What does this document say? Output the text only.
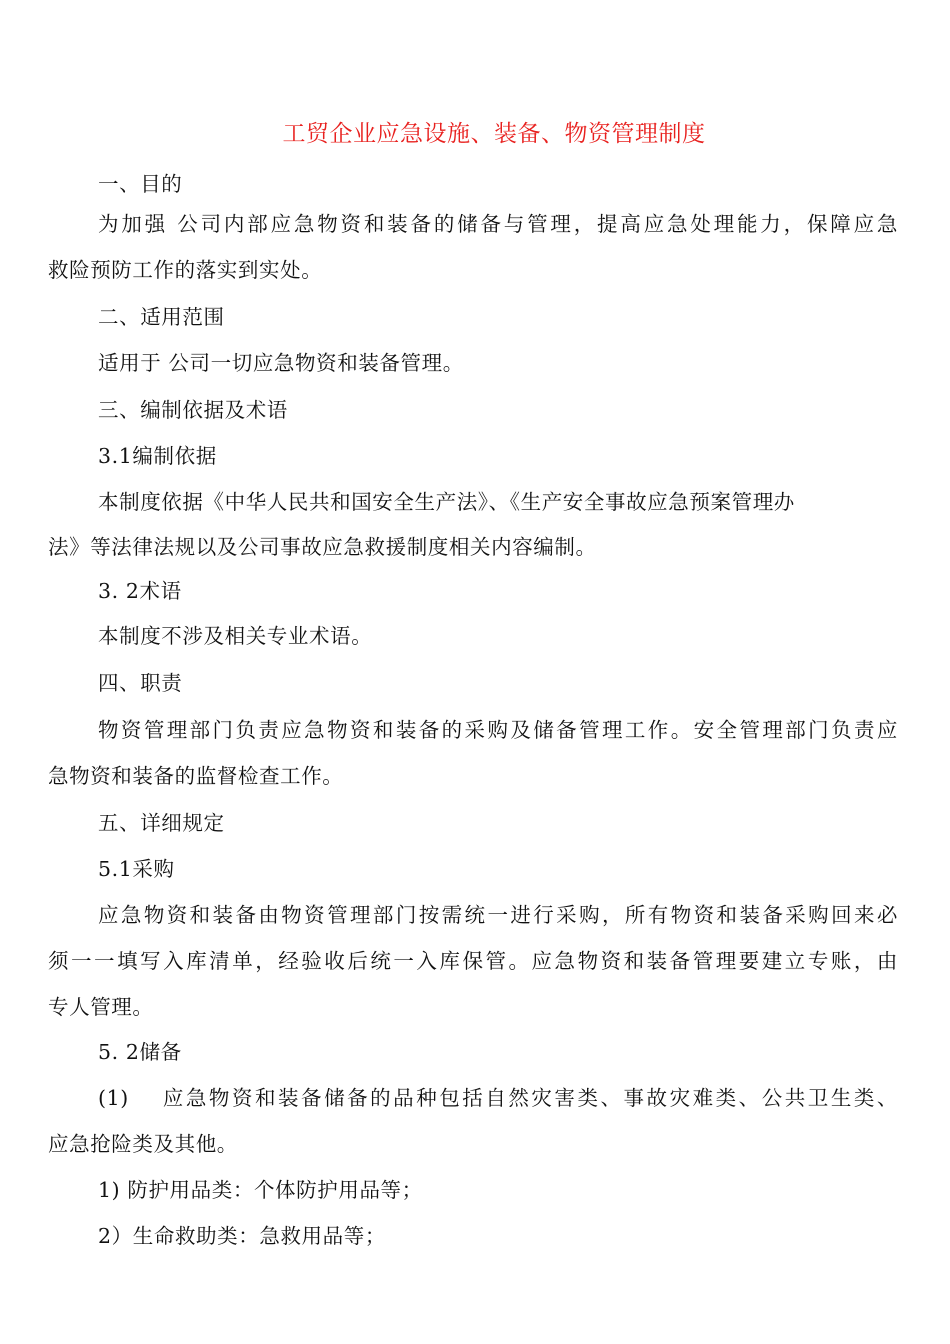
工贸企业应急设施、装备、物资管理制度
一、目的
为加强 公司内部应急物资和装备的储备与管理，提高应急处理能力，保障应急
救险预防工作的落实到实处。
二、适用范围
适用于 公司一切应急物资和装备管理。
三、编制依据及术语
3.1编制依据
本制度依据《中华人民共和国安全生产法》、《生产安全事故应急预案管理办
法》等法律法规以及公司事故应急救援制度相关内容编制。
3. 2术语
本制度不涉及相关专业术语。
四、职责
物资管理部门负责应急物资和装备的采购及储备管理工作。安全管理部门负责应
急物资和装备的监督检查工作。
五、详细规定
5.1采购
应急物资和装备由物资管理部门按需统一进行采购，所有物资和装备采购回来必
须一一填写入库清单，经验收后统一入库保管。应急物资和装备管理要建立专账，由
专人管理。
5. 2储备
(1)　 应急物资和装备储备的品种包括自然灾害类、事故灾难类、公共卫生类、
应急抢险类及其他。
1) 防护用品类：个体防护用品等；
2）生命救助类：急救用品等；
